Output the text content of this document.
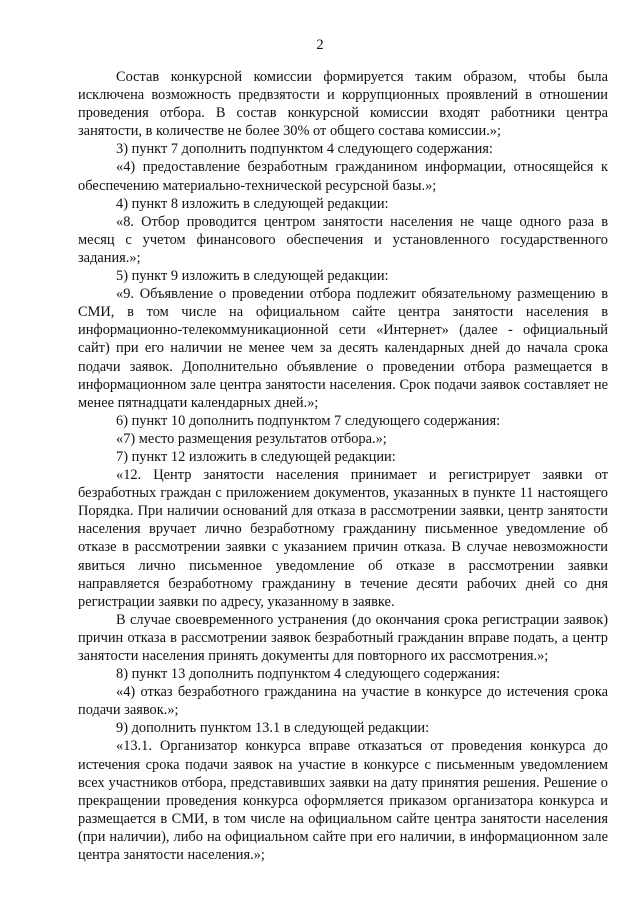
2

Состав конкурсной комиссии формируется таким образом, чтобы была исключена возможность предвзятости и коррупционных проявлений в отношении проведения отбора. В состав конкурсной комиссии входят работники центра занятости, в количестве не более 30% от общего состава комиссии.»;

3) пункт 7 дополнить подпунктом 4 следующего содержания:

«4) предоставление безработным гражданином информации, относящейся к обеспечению материально-технической ресурсной базы.»;

4) пункт 8 изложить в следующей редакции:

«8. Отбор проводится центром занятости населения не чаще одного раза в месяц с учетом финансового обеспечения и установленного государственного задания.»;

5) пункт 9 изложить в следующей редакции:

«9. Объявление о проведении отбора подлежит обязательному размещению в СМИ, в том числе на официальном сайте центра занятости населения в информационно-телекоммуникационной сети «Интернет» (далее - официальный сайт) при его наличии не менее чем за десять календарных дней до начала срока подачи заявок. Дополнительно объявление о проведении отбора размещается в информационном зале центра занятости населения. Срок подачи заявок составляет не менее пятнадцати календарных дней.»;

6) пункт 10 дополнить подпунктом 7 следующего содержания:

«7) место размещения результатов отбора.»;

7) пункт 12 изложить в следующей редакции:

«12. Центр занятости населения принимает и регистрирует заявки от безработных граждан с приложением документов, указанных в пункте 11 настоящего Порядка. При наличии оснований для отказа в рассмотрении заявки, центр занятости населения вручает лично безработному гражданину письменное уведомление об отказе в рассмотрении заявки с указанием причин отказа. В случае невозможности явиться лично письменное уведомление об отказе в рассмотрении заявки направляется безработному гражданину в течение десяти рабочих дней со дня регистрации заявки по адресу, указанному в заявке.

В случае своевременного устранения (до окончания срока регистрации заявок) причин отказа в рассмотрении заявок безработный гражданин вправе подать, а центр занятости населения принять документы для повторного их рассмотрения.»;

8) пункт 13 дополнить подпунктом 4 следующего содержания:

«4) отказ безработного гражданина на участие в конкурсе до истечения срока подачи заявок.»;

9) дополнить пунктом 13.1 в следующей редакции:

«13.1. Организатор конкурса вправе отказаться от проведения конкурса до истечения срока подачи заявок на участие в конкурсе с письменным уведомлением всех участников отбора, представивших заявки на дату принятия решения. Решение о прекращении проведения конкурса оформляется приказом организатора конкурса и размещается в СМИ, в том числе на официальном сайте центра занятости населения (при наличии), либо на официальном сайте при его наличии, в информационном зале центра занятости населения.»;
